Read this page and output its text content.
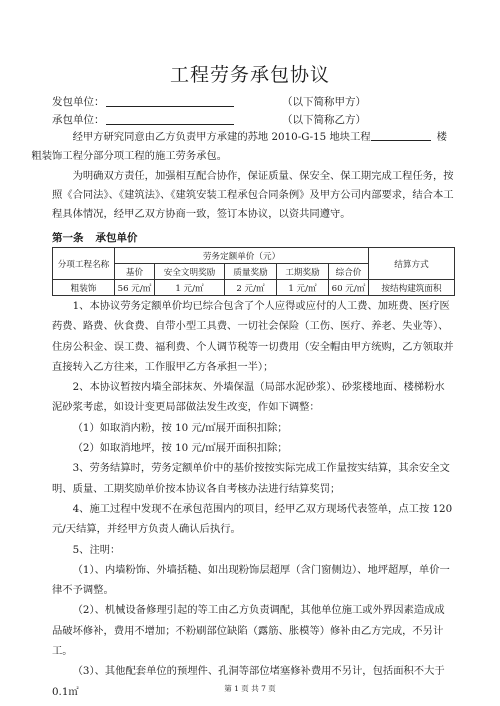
工程劳务承包协议
发包单位：	（以下简称甲方）
承包单位：	（以下简称乙方）

经甲方研究同意由乙方负责甲方承建的苏地 2010-G-15 地块工程	楼
粗装饰工程分部分项工程的施工劳务承包。

为明确双方责任，加强相互配合协作，保证质量、保安全、保工期完成工程任务，按照《合同法》、《建筑法》、《建筑安装工程承包合同条例》及甲方公司内部要求，结合本工程具体情况，经甲乙双方协商一致，签订本协议，以资共同遵守。

第一条 承包单价
分项工程名称	劳务定额单价（元）					结算方式
	基价	安全文明奖励	质量奖励	工期奖励	综合价	
粗装饰	56 元/㎡	1 元/㎡	2 元/㎡	1 元/㎡	60 元/㎡	按结构建筑面积

1、本协议劳务定额单价均已综合包含了个人应得或应付的人工费、加班费、医疗医药费、路费、伙食费、自带小型工具费、一切社会保险（工伤、医疗、养老、失业等）、住房公积金、误工费、福利费、个人调节税等一切费用（安全帽由甲方统购，乙方领取并直接转入乙方往来，工作服甲乙方各承担一半）；

2、本协议暂按内墙全部抹灰、外墙保温（局部水泥砂浆）、砂浆楼地面、楼梯粉水泥砂浆考虑，如设计变更局部做法发生改变，作如下调整：

（1）如取消内粉，按 10 元/㎡展开面积扣除；

（2）如取消地坪，按 10 元/㎡展开面积扣除；

3、劳务结算时，劳务定额单价中的基价按按实际完成工作量按实结算，其余安全文明、质量、工期奖励单价按本协议各自考核办法进行结算奖罚；

4、施工过程中发现不在承包范围内的项目，经甲乙双方现场代表签单，点工按 120 元/天结算，并经甲方负责人确认后执行。

5、注明：

（1）、内墙粉饰、外墙括糙、如出现粉饰层超厚（含门窗侧边）、地坪超厚，单价一律不予调整。

（2）、机械设备修理引起的等工由乙方负责调配，其他单位施工或外界因素造成成品破坏修补，费用不增加；不粉刷部位缺陷（露筋、胀模等）修补由乙方完成，不另计工。

（3）、其他配套单位的预埋件、孔洞等部位堵塞修补费用不另计，包括面积不大于 0.1㎡	第 1 页 共 7 页
